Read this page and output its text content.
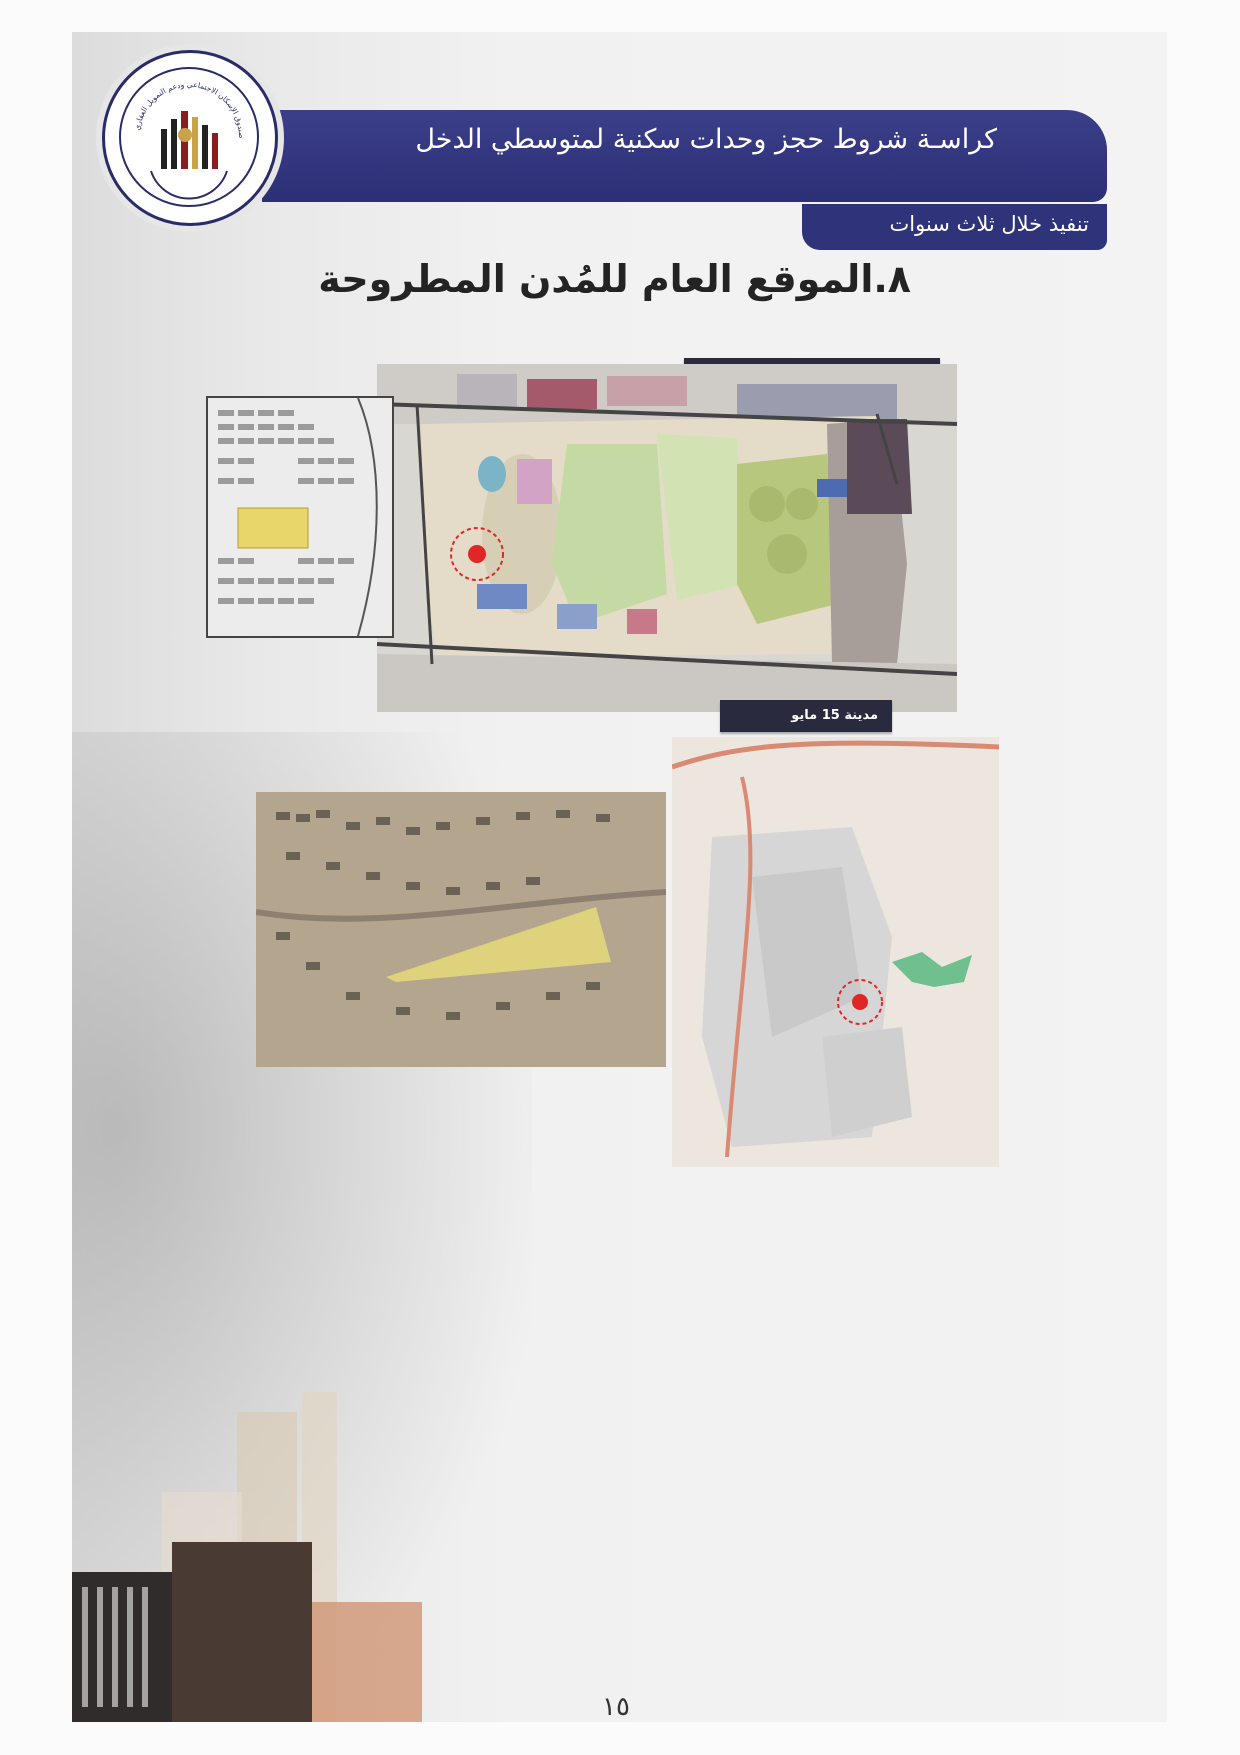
كراسـة شروط حجز وحدات سكنية لمتوسطي الدخل
تنفيذ خلال ثلاث سنوات
صندوق الإسكان الاجتماعي ودعم التمويل العقاري
٨.الموقع العام للمُدن المطروحة
مدينة 15 مايو
١٥
